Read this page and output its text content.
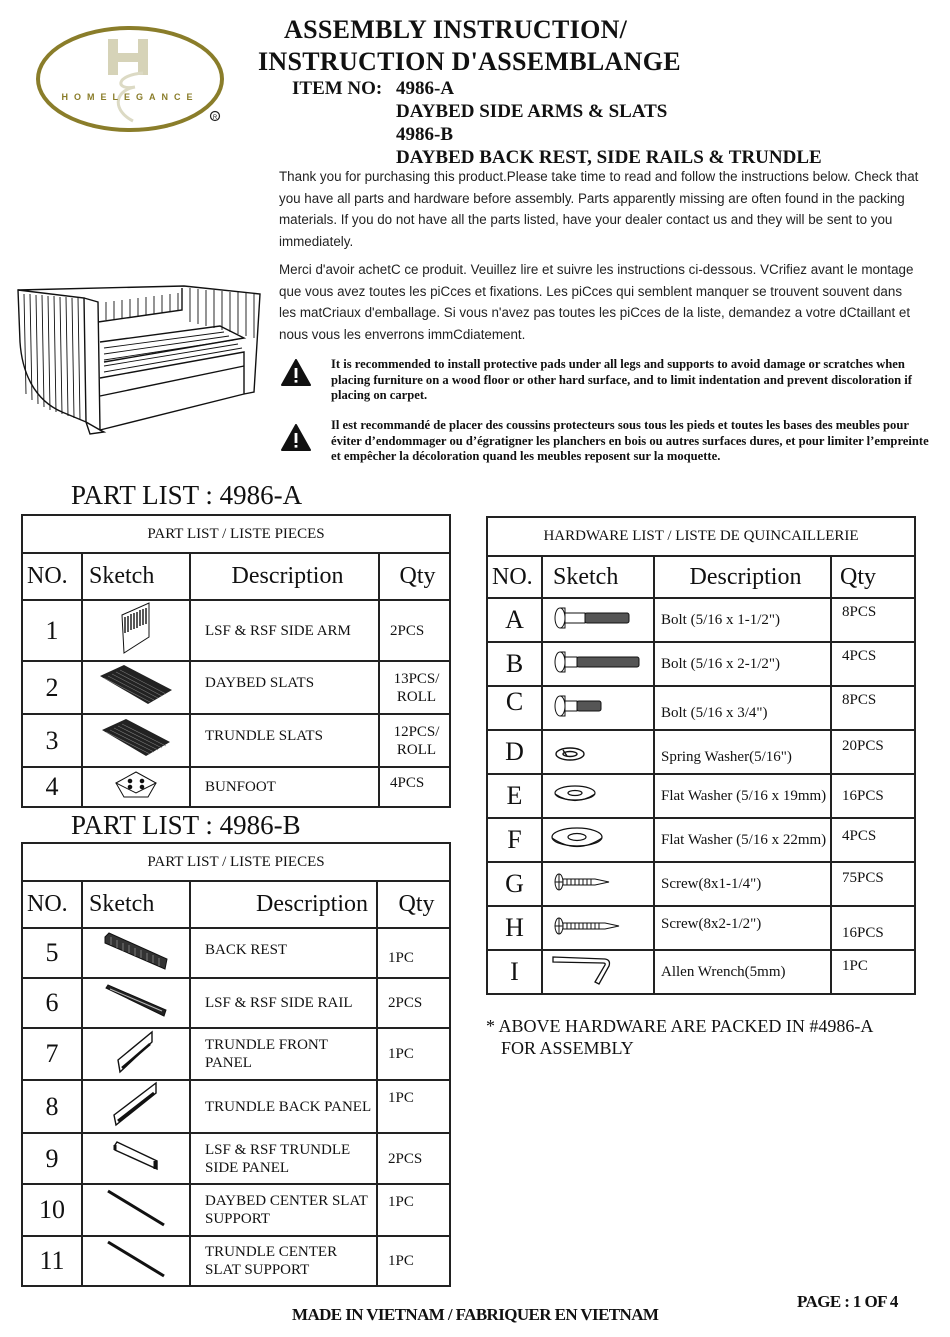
HOMELEGANCE
R
ASSEMBLY INSTRUCTION/
INSTRUCTION D'ASSEMBLANGE
ITEM NO: 4986-A
DAYBED SIDE ARMS & SLATS
4986-B
DAYBED BACK REST, SIDE RAILS & TRUNDLE

Thank you for purchasing this product.Please take time to read and follow the instructions below. Check that you have all parts and hardware before assembly. Parts apparently missing are often found in the packing materials. If you do not have all the parts listed, have your dealer contact us and they will be sent to you immediately.

Merci d'avoir achetC ce produit. Veuillez lire et suivre les instructions ci-dessous. VCrifiez avant le montage que vous avez toutes les piCces et fixations. Les piCces qui semblent manquer se trouvent souvent dans les matCriaux d'emballage. Si vous n'avez pas toutes les piCces de la liste, demandez a votre dCtaillant et nous vous les enverrons immCdiatement.

It is recommended to install protective pads under all legs and supports to avoid damage or scratches when placing furniture on a wood floor or other hard surface, and to limit indentation and prevent discoloration if placing on carpet.
Il est recommandé de placer des coussins protecteurs sous tous les pieds et toutes les bases des meubles pour éviter d’endommager ou d’égratigner les planchers en bois ou autres surfaces dures, et pour limiter l’empreinte et empêcher la décoloration quand les meubles reposent sur la moquette.
PART LIST : 4986-A
PART LIST / LISTE PIECES			
NO.	Sketch	Description	Qty
1		LSF & RSF SIDE ARM	2PCS
2		DAYBED SLATS	13PCS/ ROLL
3		TRUNDLE SLATS	12PCS/ ROLL
4		BUNFOOT	4PCS
PART LIST : 4986-B
PART LIST / LISTE PIECES			
NO.	Sketch	Description	Qty
5		BACK REST	1PC
6		LSF & RSF SIDE RAIL	2PCS
7		TRUNDLE FRONT PANEL	1PC
8		TRUNDLE BACK PANEL	1PC
9		LSF & RSF TRUNDLE SIDE PANEL	2PCS
10		DAYBED CENTER SLAT SUPPORT	1PC
11		TRUNDLE CENTER SLAT SUPPORT	1PC
HARDWARE LIST / LISTE DE QUINCAILLERIE			
NO.	Sketch	Description	Qty
A		Bolt (5/16 x 1-1/2")	8PCS
B		Bolt (5/16 x 2-1/2")	4PCS
C		Bolt (5/16 x 3/4")	8PCS
D		Spring Washer(5/16")	20PCS
E		Flat Washer (5/16 x 19mm)	16PCS
F		Flat Washer (5/16 x 22mm)	4PCS
G		Screw(8x1-1/4")	75PCS
H		Screw(8x2-1/2")	16PCS
I		Allen Wrench(5mm)	1PC
* ABOVE HARDWARE ARE PACKED IN #4986-A
FOR ASSEMBLY
MADE IN VIETNAM / FABRIQUER EN VIETNAM
PAGE : 1 OF 4
